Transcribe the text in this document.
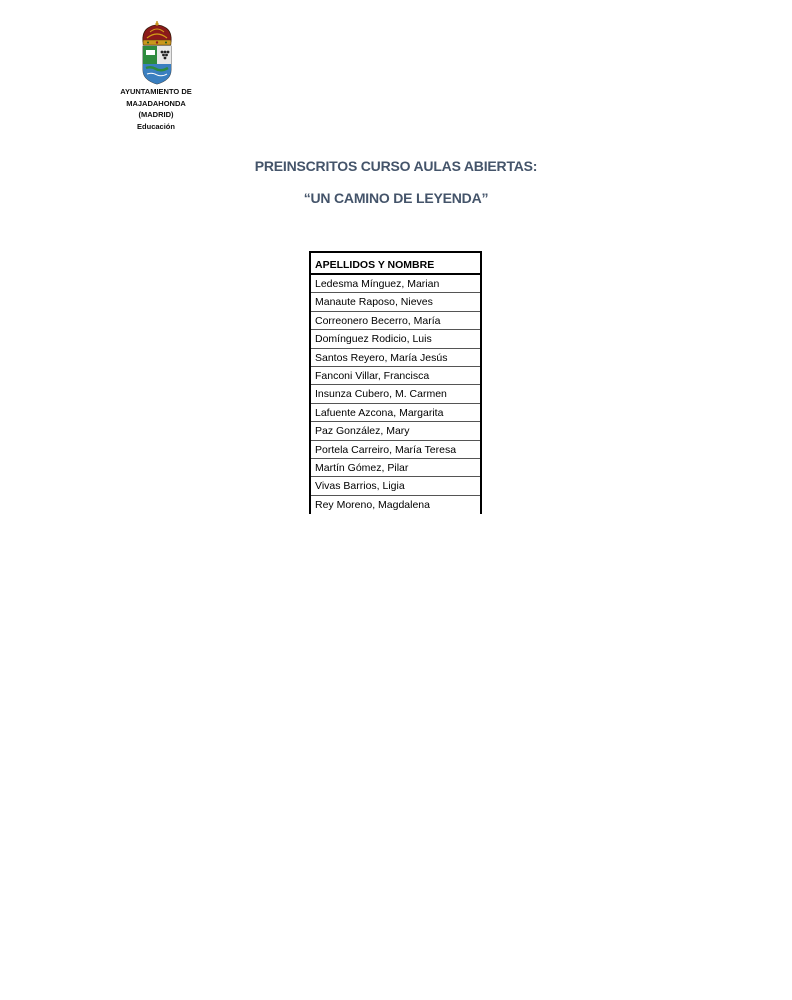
AYUNTAMIENTO DE
MAJADAHONDA
(MADRID)
Educación
PREINSCRITOS CURSO AULAS ABIERTAS:
“UN CAMINO DE LEYENDA”
APELLIDOS Y NOMBRE
Ledesma Mínguez, Marian
Manaute Raposo, Nieves
Correonero Becerro, María
Domínguez Rodicio, Luis
Santos Reyero, María Jesús
Fanconi Villar, Francisca
Insunza Cubero, M. Carmen
Lafuente Azcona, Margarita
Paz González, Mary
Portela Carreiro, María Teresa
Martín Gómez, Pilar
Vivas Barrios, Ligia
Rey Moreno, Magdalena
